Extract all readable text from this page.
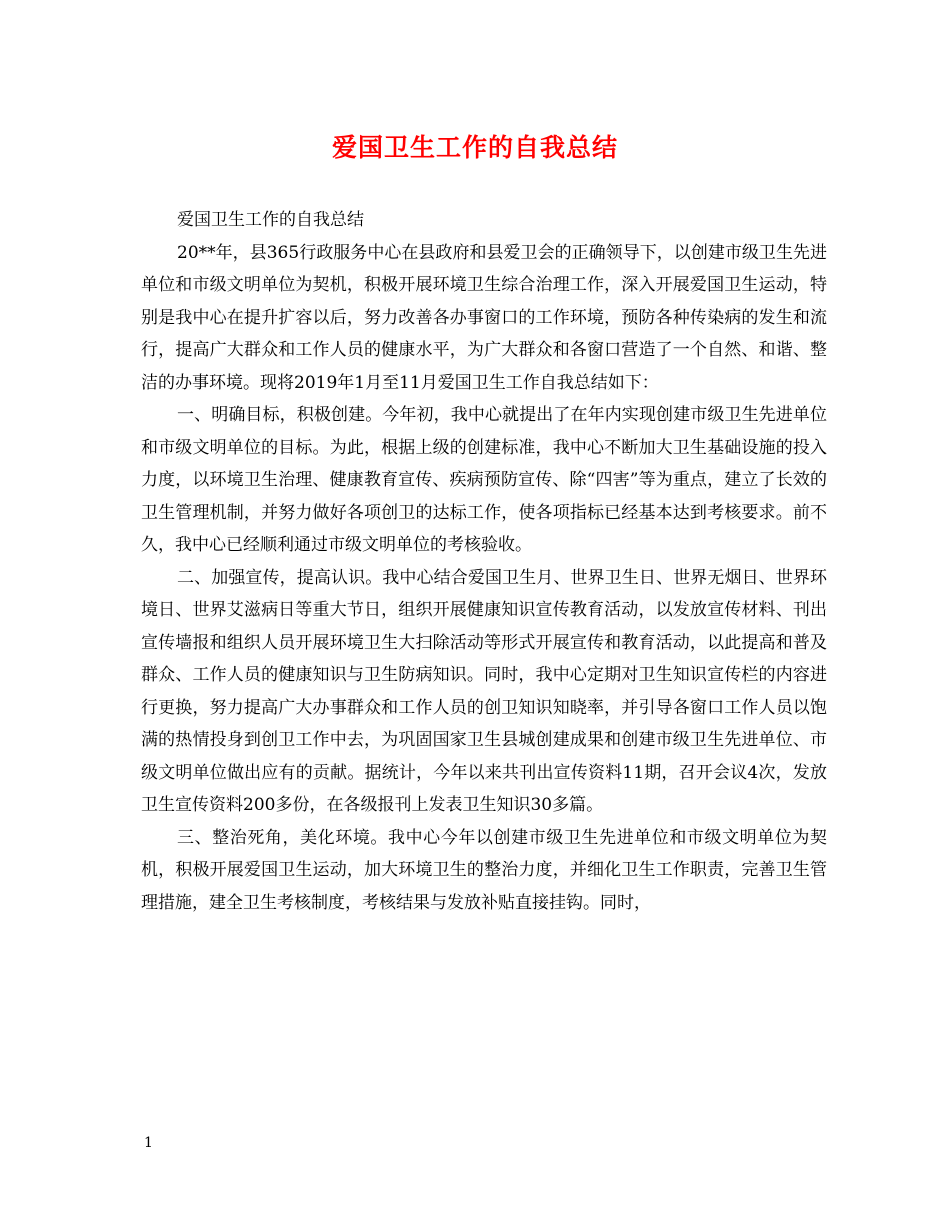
爱国卫生工作的自我总结

爱国卫生工作的自我总结

20**年，县365行政服务中心在县政府和县爱卫会的正确领导下，以创建市级卫生先进单位和市级文明单位为契机，积极开展环境卫生综合治理工作，深入开展爱国卫生运动，特别是我中心在提升扩容以后，努力改善各办事窗口的工作环境，预防各种传染病的发生和流行，提高广大群众和工作人员的健康水平，为广大群众和各窗口营造了一个自然、和谐、整洁的办事环境。现将2019年1月至11月爱国卫生工作自我总结如下：

一、明确目标，积极创建。今年初，我中心就提出了在年内实现创建市级卫生先进单位和市级文明单位的目标。为此，根据上级的创建标准，我中心不断加大卫生基础设施的投入力度，以环境卫生治理、健康教育宣传、疾病预防宣传、除“四害”等为重点，建立了长效的卫生管理机制，并努力做好各项创卫的达标工作，使各项指标已经基本达到考核要求。前不久，我中心已经顺利通过市级文明单位的考核验收。

二、加强宣传，提高认识。我中心结合爱国卫生月、世界卫生日、世界无烟日、世界环境日、世界艾滋病日等重大节日，组织开展健康知识宣传教育活动，以发放宣传材料、刊出宣传墙报和组织人员开展环境卫生大扫除活动等形式开展宣传和教育活动，以此提高和普及群众、工作人员的健康知识与卫生防病知识。同时，我中心定期对卫生知识宣传栏的内容进行更换，努力提高广大办事群众和工作人员的创卫知识知晓率，并引导各窗口工作人员以饱满的热情投身到创卫工作中去，为巩固国家卫生县城创建成果和创建市级卫生先进单位、市级文明单位做出应有的贡献。据统计，今年以来共刊出宣传资料11期，召开会议4次，发放卫生宣传资料200多份，在各级报刊上发表卫生知识30多篇。

三、整治死角，美化环境。我中心今年以创建市级卫生先进单位和市级文明单位为契机，积极开展爱国卫生运动，加大环境卫生的整治力度，并细化卫生工作职责，完善卫生管理措施，建全卫生考核制度，考核结果与发放补贴直接挂钩。同时，

1
